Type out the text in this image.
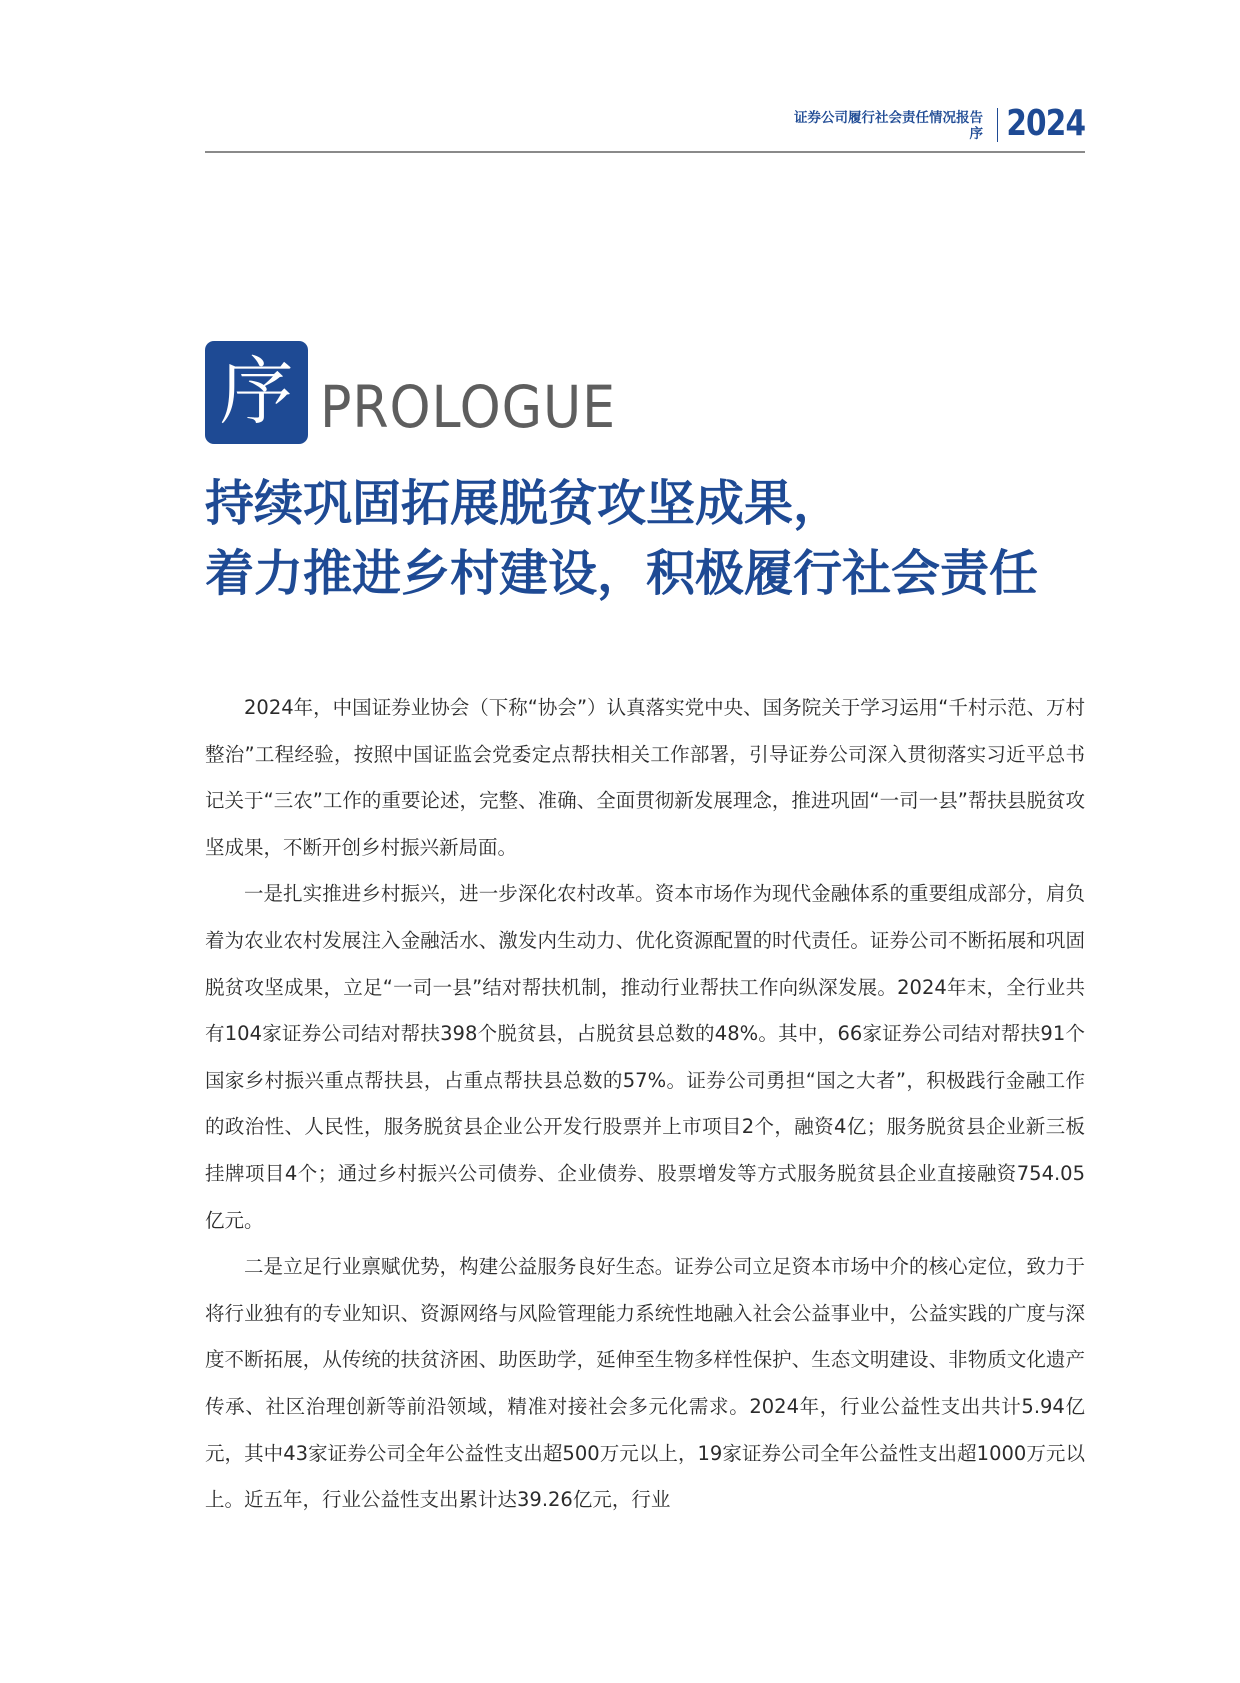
证券公司履行社会责任情况报告
序 2024
序 PROLOGUE
持续巩固拓展脱贫攻坚成果，
着力推进乡村建设，积极履行社会责任

2024年，中国证券业协会（下称“协会”）认真落实党中央、国务院关于学习运用“千村示范、万村整治”工程经验，按照中国证监会党委定点帮扶相关工作部署，引导证券公司深入贯彻落实习近平总书记关于“三农”工作的重要论述，完整、准确、全面贯彻新发展理念，推进巩固“一司一县”帮扶县脱贫攻坚成果，不断开创乡村振兴新局面。

一是扎实推进乡村振兴，进一步深化农村改革。资本市场作为现代金融体系的重要组成部分，肩负着为农业农村发展注入金融活水、激发内生动力、优化资源配置的时代责任。证券公司不断拓展和巩固脱贫攻坚成果，立足“一司一县”结对帮扶机制，推动行业帮扶工作向纵深发展。2024年末，全行业共有104家证券公司结对帮扶398个脱贫县，占脱贫县总数的48%。其中，66家证券公司结对帮扶91个国家乡村振兴重点帮扶县，占重点帮扶县总数的57%。证券公司勇担“国之大者”，积极践行金融工作的政治性、人民性，服务脱贫县企业公开发行股票并上市项目2个，融资4亿；服务脱贫县企业新三板挂牌项目4个；通过乡村振兴公司债券、企业债券、股票增发等方式服务脱贫县企业直接融资754.05亿元。

二是立足行业禀赋优势，构建公益服务良好生态。证券公司立足资本市场中介的核心定位，致力于将行业独有的专业知识、资源网络与风险管理能力系统性地融入社会公益事业中，公益实践的广度与深度不断拓展，从传统的扶贫济困、助医助学，延伸至生物多样性保护、生态文明建设、非物质文化遗产传承、社区治理创新等前沿领域，精准对接社会多元化需求。2024年，行业公益性支出共计5.94亿元，其中43家证券公司全年公益性支出超500万元以上，19家证券公司全年公益性支出超1000万元以上。近五年，行业公益性支出累计达39.26亿元，行业
